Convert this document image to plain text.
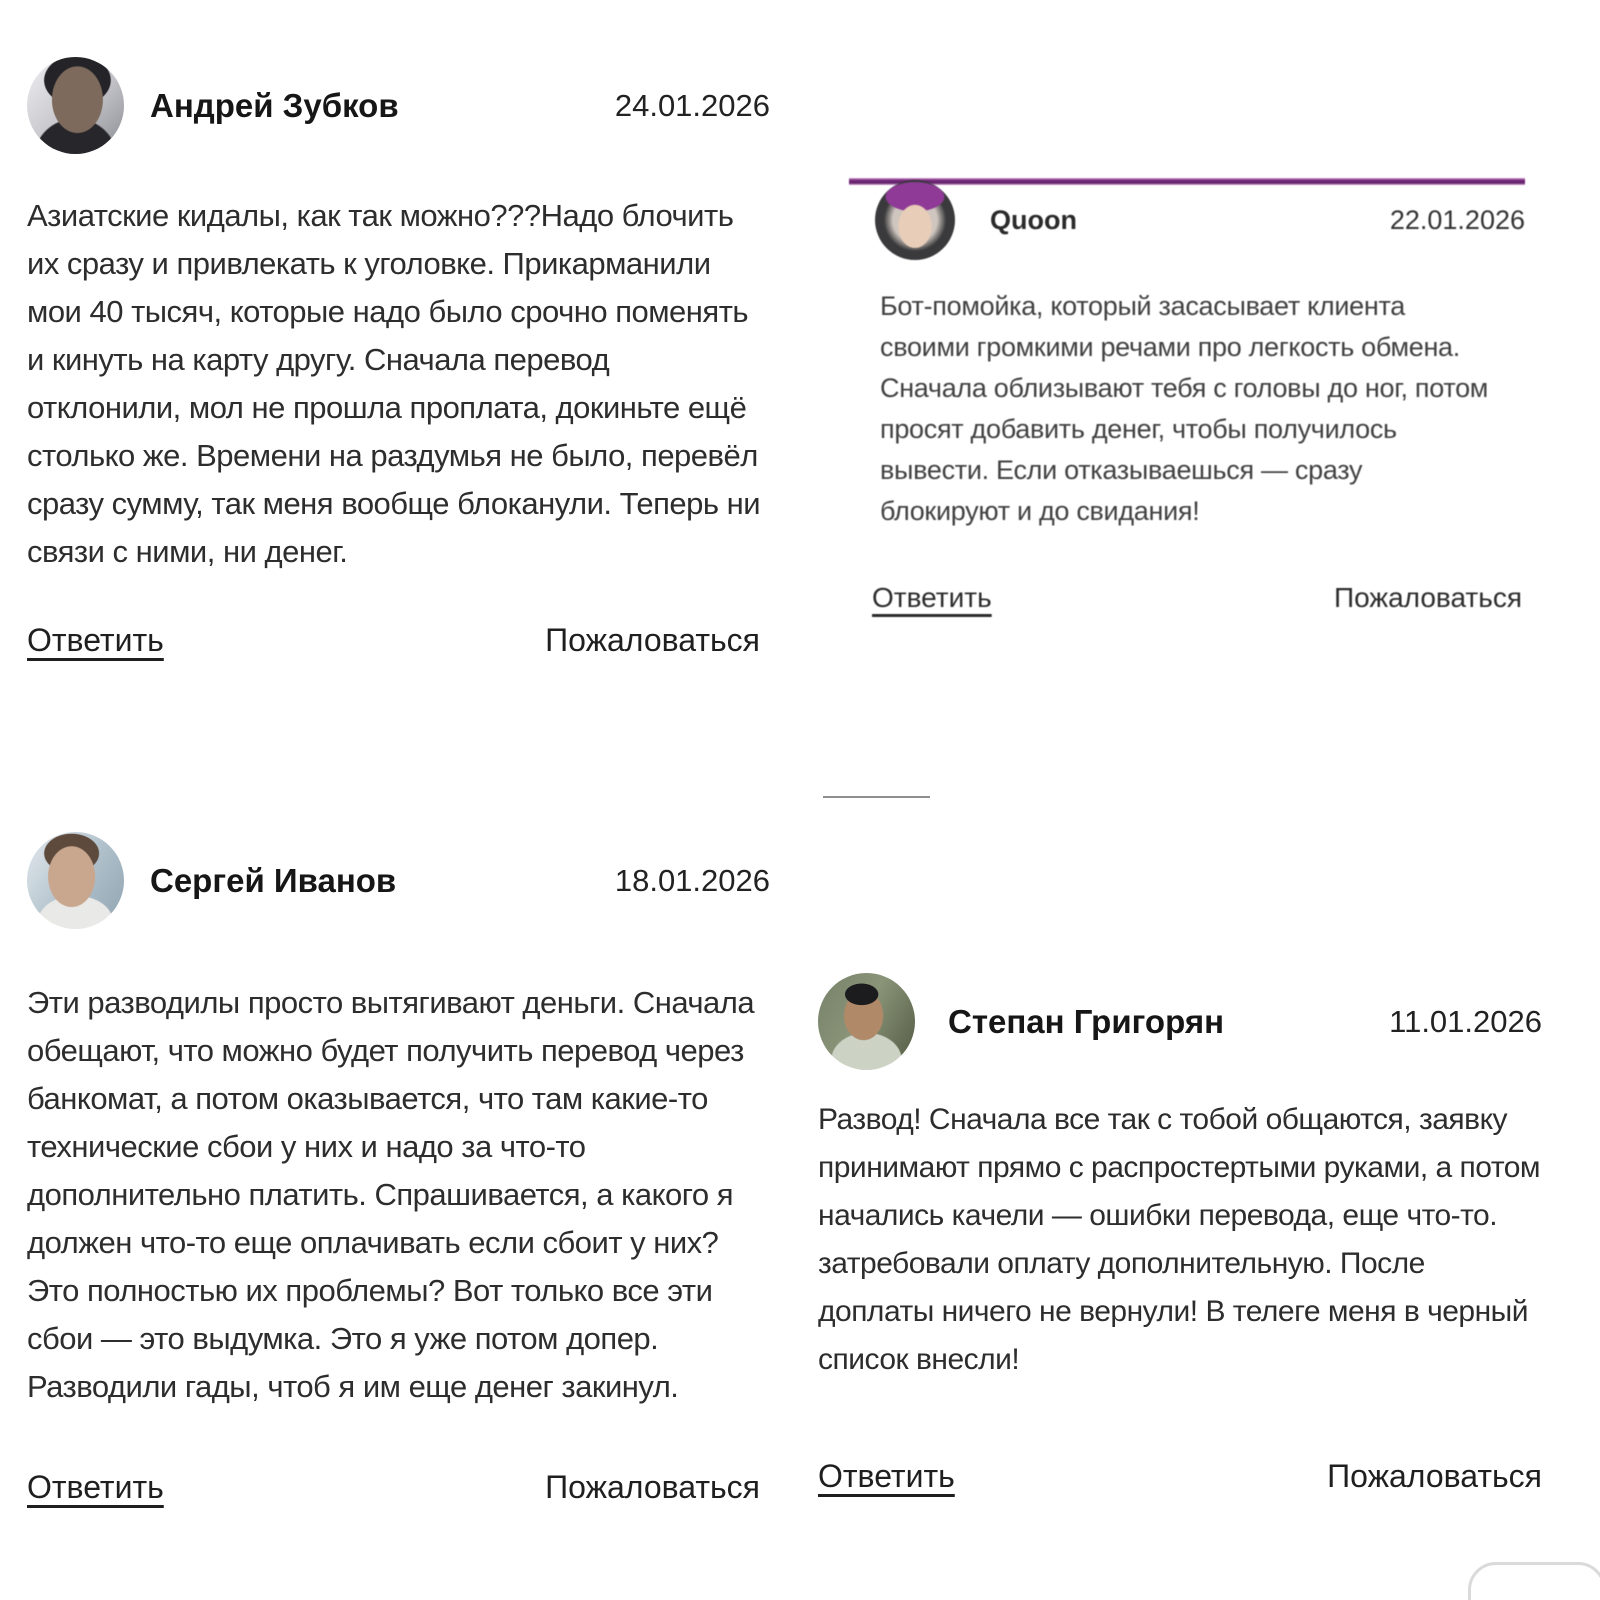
Андрей Зубков	24.01.2026

Азиатские кидалы, как так можно???Надо блочить их сразу и привлекать к уголовке. Прикарманили мои 40 тысяч, которые надо было срочно поменять и кинуть на карту другу. Сначала перевод отклонили, мол не прошла проплата, докиньте ещё столько же. Времени на раздумья не было, перевёл сразу сумму, так меня вообще блоканули. Теперь ни связи с ними, ни денег.

Ответить	Пожаловаться
Quoon	22.01.2026

Бот-помойка, который засасывает клиента своими громкими речами про легкость обмена. Сначала облизывают тебя с головы до ног, потом просят добавить денег, чтобы получилось вывести. Если отказываешься — сразу блокируют и до свидания!

Ответить	Пожаловаться
Сергей Иванов	18.01.2026

Эти разводилы просто вытягивают деньги. Сначала обещают, что можно будет получить перевод через банкомат, а потом оказывается, что там какие-то технические сбои у них и надо за что-то дополнительно платить. Спрашивается, а какого я должен что-то еще оплачивать если сбоит у них? Это полностью их проблемы? Вот только все эти сбои — это выдумка. Это я уже потом допер. Разводили гады, чтоб я им еще денег закинул.

Ответить	Пожаловаться
Степан Григорян	11.01.2026

Развод! Сначала все так с тобой общаются, заявку принимают прямо с распростертыми руками, а потом начались качели — ошибки перевода, еще что-то. затребовали оплату дополнительную. После доплаты ничего не вернули! В телеге меня в черный список внесли!

Ответить	Пожаловаться
